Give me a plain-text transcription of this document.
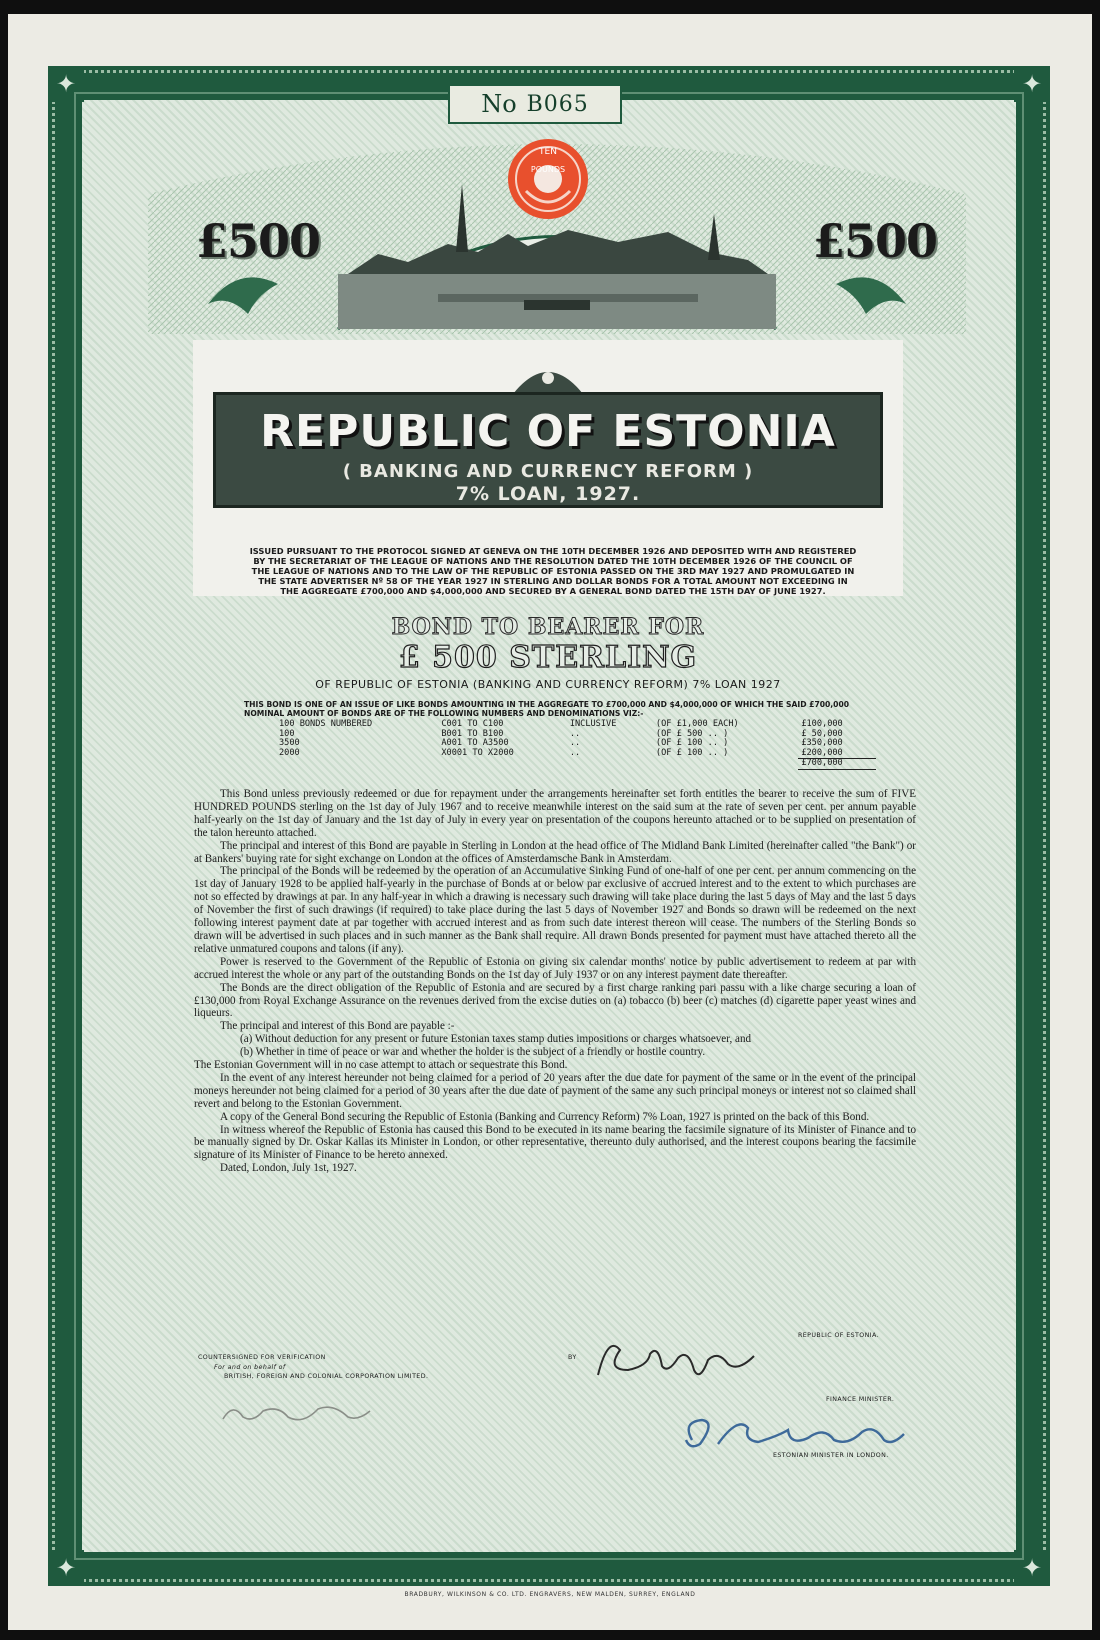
✦	✦
✦	✦
No B065
TEN
POUNDS
£500	£500
REPUBLIC OF ESTONIA
( BANKING AND CURRENCY REFORM )
7% LOAN, 1927.
ISSUED PURSUANT TO THE PROTOCOL SIGNED AT GENEVA ON THE 10TH DECEMBER 1926 AND DEPOSITED WITH AND REGISTERED BY THE SECRETARIAT OF THE LEAGUE OF NATIONS AND THE RESOLUTION DATED THE 10TH DECEMBER 1926 OF THE COUNCIL OF THE LEAGUE OF NATIONS AND TO THE LAW OF THE REPUBLIC OF ESTONIA PASSED ON THE 3RD MAY 1927 AND PROMULGATED IN THE STATE ADVERTISER Nº 58 OF THE YEAR 1927 IN STERLING AND DOLLAR BONDS FOR A TOTAL AMOUNT NOT EXCEEDING IN THE AGGREGATE £700,000 AND $4,000,000 AND SECURED BY A GENERAL BOND DATED THE 15TH DAY OF JUNE 1927.
BOND TO BEARER FOR
£ 500 STERLING
OF REPUBLIC OF ESTONIA (BANKING AND CURRENCY REFORM) 7% LOAN 1927
THIS BOND IS ONE OF AN ISSUE OF LIKE BONDS AMOUNTING IN THE AGGREGATE TO £700,000 AND $4,000,000 OF WHICH THE SAID £700,000 NOMINAL AMOUNT OF BONDS ARE OF THE FOLLOWING NUMBERS AND DENOMINATIONS VIZ:-
100 BONDS NUMBERED	C001 TO C100	INCLUSIVE	(OF £1,000 EACH)	£100,000
100	B001 TO B100	..	(OF £ 500 .. )	£ 50,000
3500	A001 TO A3500	..	(OF £ 100 .. )	£350,000
2000	X0001 TO X2000	..	(OF £ 100 .. )	£200,000
				£700,000

This Bond unless previously redeemed or due for repayment under the arrangements hereinafter set forth entitles the bearer to receive the sum of FIVE HUNDRED POUNDS sterling on the 1st day of July 1967 and to receive meanwhile interest on the said sum at the rate of seven per cent. per annum payable half-yearly on the 1st day of January and the 1st day of July in every year on presentation of the coupons hereunto attached or to be supplied on presentation of the talon hereunto attached.

The principal and interest of this Bond are payable in Sterling in London at the head office of The Midland Bank Limited (hereinafter called "the Bank") or at Bankers' buying rate for sight exchange on London at the offices of Amsterdamsche Bank in Amsterdam.

The principal of the Bonds will be redeemed by the operation of an Accumulative Sinking Fund of one-half of one per cent. per annum commencing on the 1st day of January 1928 to be applied half-yearly in the purchase of Bonds at or below par exclusive of accrued interest and to the extent to which purchases are not so effected by drawings at par. In any half-year in which a drawing is necessary such drawing will take place during the last 5 days of May and the last 5 days of November the first of such drawings (if required) to take place during the last 5 days of November 1927 and Bonds so drawn will be redeemed on the next following interest payment date at par together with accrued interest and as from such date interest thereon will cease. The numbers of the Sterling Bonds so drawn will be advertised in such places and in such manner as the Bank shall require. All drawn Bonds presented for payment must have attached thereto all the relative unmatured coupons and talons (if any).

Power is reserved to the Government of the Republic of Estonia on giving six calendar months' notice by public advertisement to redeem at par with accrued interest the whole or any part of the outstanding Bonds on the 1st day of July 1937 or on any interest payment date thereafter.

The Bonds are the direct obligation of the Republic of Estonia and are secured by a first charge ranking pari passu with a like charge securing a loan of £130,000 from Royal Exchange Assurance on the revenues derived from the excise duties on (a) tobacco (b) beer (c) matches (d) cigarette paper yeast wines and liqueurs.

The principal and interest of this Bond are payable :-

(a) Without deduction for any present or future Estonian taxes stamp duties impositions or charges whatsoever, and

(b) Whether in time of peace or war and whether the holder is the subject of a friendly or hostile country.

The Estonian Government will in no case attempt to attach or sequestrate this Bond.

In the event of any interest hereunder not being claimed for a period of 20 years after the due date for payment of the same or in the event of the principal moneys hereunder not being claimed for a period of 30 years after the due date of payment of the same any such principal moneys or interest not so claimed shall revert and belong to the Estonian Government.

A copy of the General Bond securing the Republic of Estonia (Banking and Currency Reform) 7% Loan, 1927 is printed on the back of this Bond.

In witness whereof the Republic of Estonia has caused this Bond to be executed in its name bearing the facsimile signature of its Minister of Finance and to be manually signed by Dr. Oskar Kallas its Minister in London, or other representative, thereunto duly authorised, and the interest coupons bearing the facsimile signature of its Minister of Finance to be hereto annexed.

Dated, London, July 1st, 1927.

REPUBLIC OF ESTONIA.
BY
COUNTERSIGNED FOR VERIFICATION
For and on behalf of
BRITISH, FOREIGN AND COLONIAL CORPORATION LIMITED.
FINANCE MINISTER.
ESTONIAN MINISTER IN LONDON.
BRADBURY, WILKINSON & CO. LTD. ENGRAVERS, NEW MALDEN, SURREY, ENGLAND
